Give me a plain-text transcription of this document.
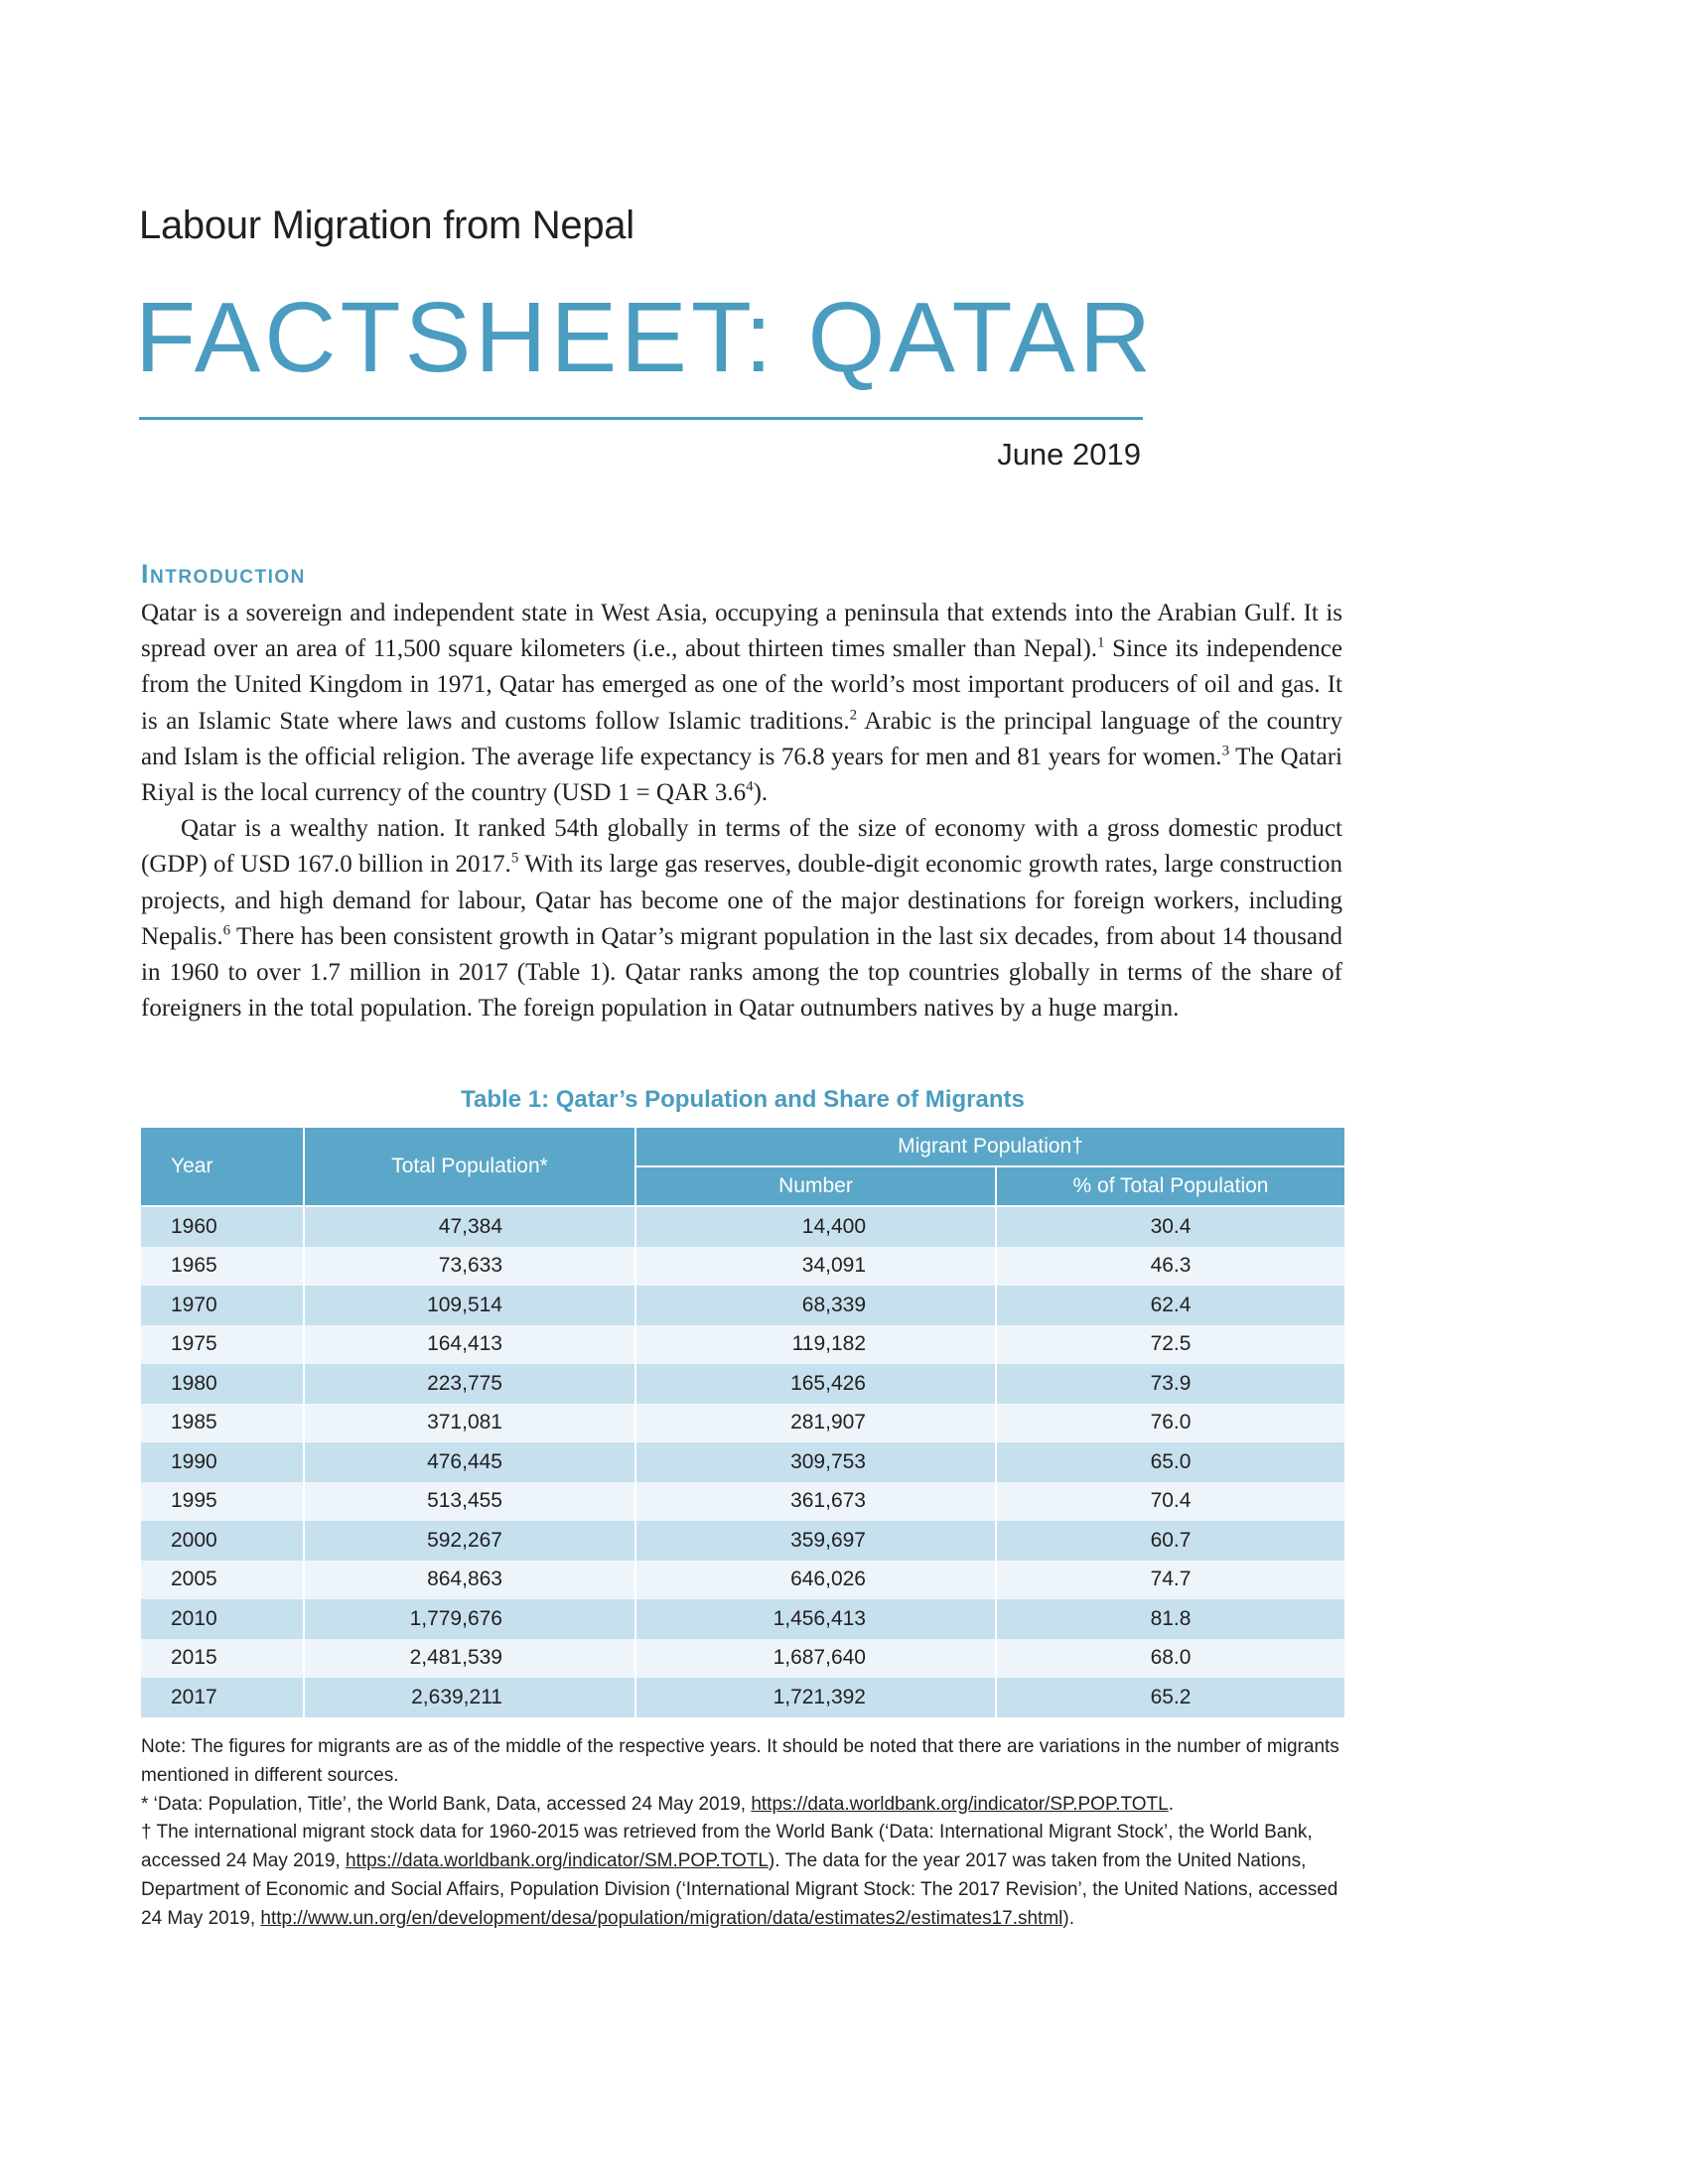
Labour Migration from Nepal
FACTSHEET: QATAR
June 2019
Introduction

Qatar is a sovereign and independent state in West Asia, occupying a peninsula that extends into the Arabian Gulf. It is spread over an area of 11,500 square kilometers (i.e., about thirteen times smaller than Nepal).$^1$ Since its independence from the United Kingdom in 1971, Qatar has emerged as one of the world’s most important producers of oil and gas. It is an Islamic State where laws and customs follow Islamic traditions.$^2$ Arabic is the principal language of the country and Islam is the official religion. The average life expectancy is 76.8 years for men and 81 years for women.$^3$ The Qatari Riyal is the local currency of the country (USD 1 = QAR $3.6^4$).

Qatar is a wealthy nation. It ranked 54th globally in terms of the size of economy with a gross domestic product (GDP) of USD 167.0 billion in 2017.$^5$ With its large gas reserves, double-digit economic growth rates, large construction projects, and high demand for labour, Qatar has become one of the major destinations for foreign workers, including Nepalis.$^6$ There has been consistent growth in Qatar’s migrant population in the last six decades, from about 14 thousand in 1960 to over 1.7 million in 2017 (Table 1). Qatar ranks among the top countries globally in terms of the share of foreigners in the total population. The foreign population in Qatar outnumbers natives by a huge margin.

Table 1: Qatar’s Population and Share of Migrants
Year	Total Population*	Migrant Population†	
		Number	% of Total Population
1960	47,384	14,400	30.4
1965	73,633	34,091	46.3
1970	109,514	68,339	62.4
1975	164,413	119,182	72.5
1980	223,775	165,426	73.9
1985	371,081	281,907	76.0
1990	476,445	309,753	65.0
1995	513,455	361,673	70.4
2000	592,267	359,697	60.7
2005	864,863	646,026	74.7
2010	1,779,676	1,456,413	81.8
2015	2,481,539	1,687,640	68.0
2017	2,639,211	1,721,392	65.2

Note: The figures for migrants are as of the middle of the respective years. It should be noted that there are variations in the number of migrants mentioned in different sources.

* ‘Data: Population, Title’, the World Bank, Data, accessed 24 May 2019, https://data.worldbank.org/indicator/SP.POP.TOTL.

† The international migrant stock data for 1960-2015 was retrieved from the World Bank (‘Data: International Migrant Stock’, the World Bank, accessed 24 May 2019, https://data.worldbank.org/indicator/SM.POP.TOTL). The data for the year 2017 was taken from the United Nations, Department of Economic and Social Affairs, Population Division (‘International Migrant Stock: The 2017 Revision’, the United Nations, accessed 24 May 2019, http://www.un.org/en/development/desa/population/migration/data/estimates2/estimates17.shtml).
